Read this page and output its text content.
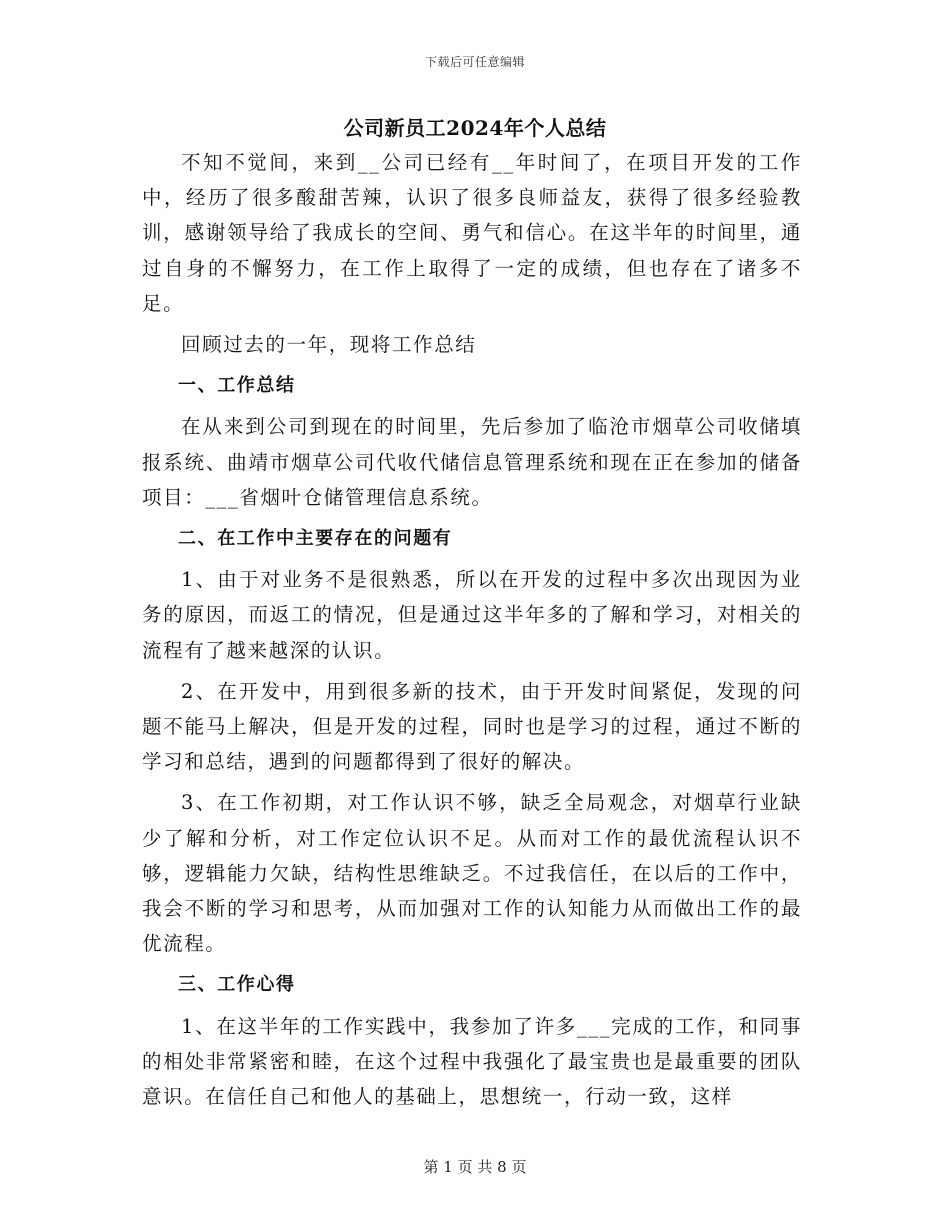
下载后可任意编辑
公司新员工2024年个人总结

不知不觉间，来到__公司已经有__年时间了，在项目开发的工作中，经历了很多酸甜苦辣，认识了很多良师益友，获得了很多经验教训，感谢领导给了我成长的空间、勇气和信心。在这半年的时间里，通过自身的不懈努力，在工作上取得了一定的成绩，但也存在了诸多不足。

回顾过去的一年，现将工作总结

一、工作总结

在从来到公司到现在的时间里，先后参加了临沧市烟草公司收储填报系统、曲靖市烟草公司代收代储信息管理系统和现在正在参加的储备项目：___省烟叶仓储管理信息系统。

二、在工作中主要存在的问题有

1、由于对业务不是很熟悉，所以在开发的过程中多次出现因为业务的原因，而返工的情况，但是通过这半年多的了解和学习，对相关的流程有了越来越深的认识。

2、在开发中，用到很多新的技术，由于开发时间紧促，发现的问题不能马上解决，但是开发的过程，同时也是学习的过程，通过不断的学习和总结，遇到的问题都得到了很好的解决。

3、在工作初期，对工作认识不够，缺乏全局观念，对烟草行业缺少了解和分析，对工作定位认识不足。从而对工作的最优流程认识不够，逻辑能力欠缺，结构性思维缺乏。不过我信任，在以后的工作中，我会不断的学习和思考，从而加强对工作的认知能力从而做出工作的最优流程。

三、工作心得

1、在这半年的工作实践中，我参加了许多___完成的工作，和同事的相处非常紧密和睦，在这个过程中我强化了最宝贵也是最重要的团队意识。在信任自己和他人的基础上，思想统一，行动一致，这样

第 1 页 共 8 页
